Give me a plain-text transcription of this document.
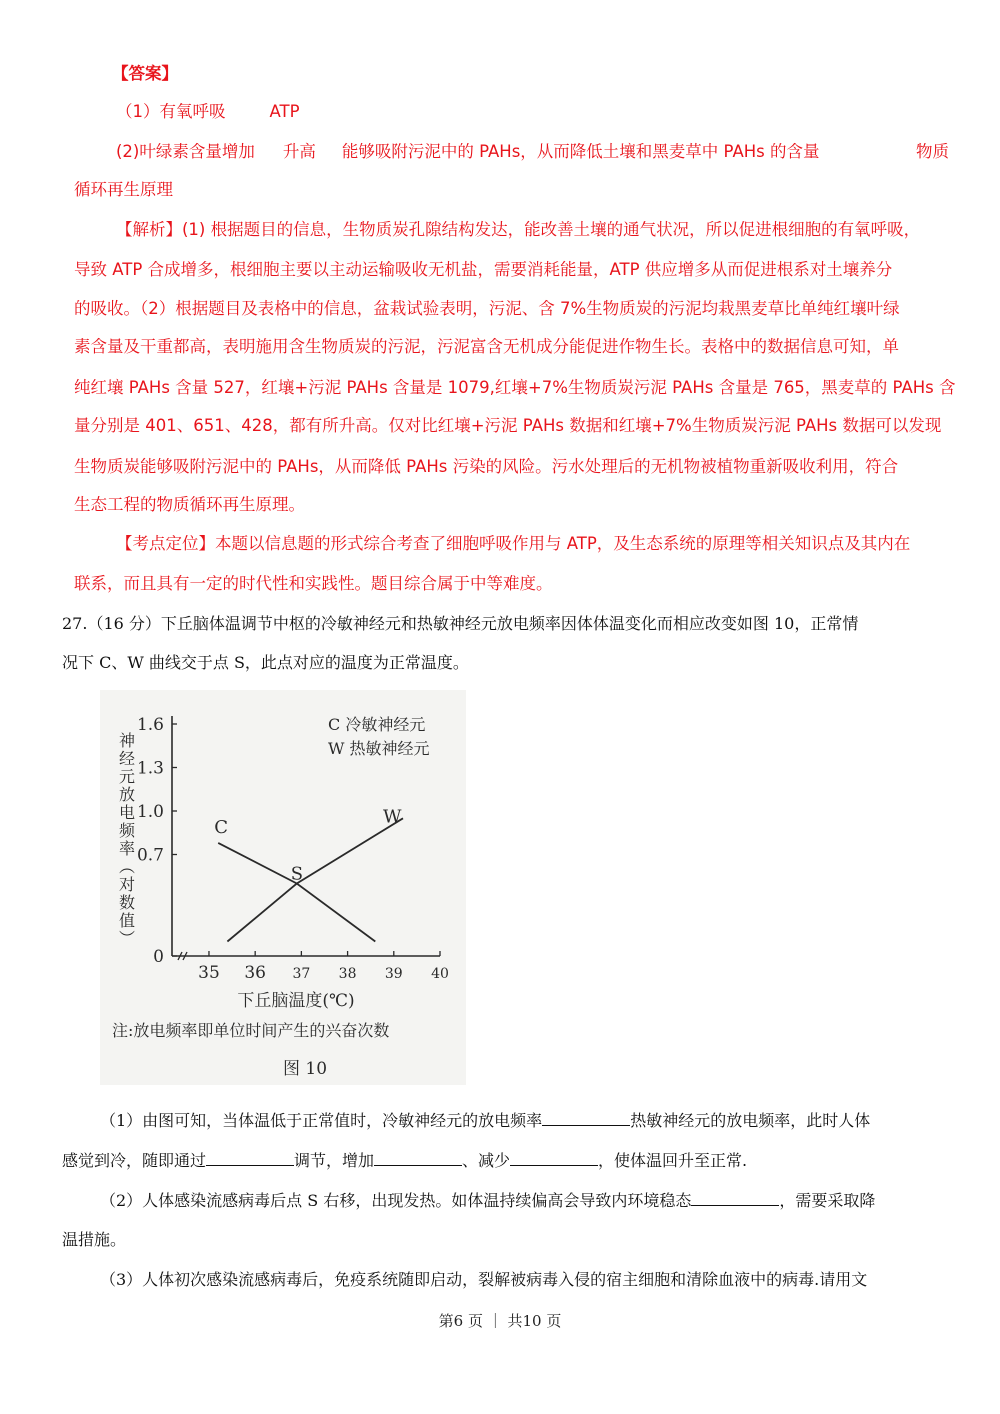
【答案】
（1）有氧呼吸	ATP
(2)叶绿素含量增加 升高 能够吸附污泥中的 PAHs，从而降低土壤和黑麦草中 PAHs 的含量	物质
循环再生原理
【解析】(1) 根据题目的信息，生物质炭孔隙结构发达，能改善土壤的通气状况，所以促进根细胞的有氧呼吸，
导致 ATP 合成增多，根细胞主要以主动运输吸收无机盐，需要消耗能量，ATP 供应增多从而促进根系对土壤养分
的吸收。（2）根据题目及表格中的信息，盆栽试验表明，污泥、含 7%生物质炭的污泥均栽黑麦草比单纯红壤叶绿
素含量及干重都高，表明施用含生物质炭的污泥，污泥富含无机成分能促进作物生长。表格中的数据信息可知，单
纯红壤 PAHs 含量 527，红壤+污泥 PAHs 含量是 1079,红壤+7%生物质炭污泥 PAHs 含量是 765，黑麦草的 PAHs 含
量分别是 401、651、428，都有所升高。仅对比红壤+污泥 PAHs 数据和红壤+7%生物质炭污泥 PAHs 数据可以发现
生物质炭能够吸附污泥中的 PAHs，从而降低 PAHs 污染的风险。污水处理后的无机物被植物重新吸收利用，符合
生态工程的物质循环再生原理。
【考点定位】本题以信息题的形式综合考查了细胞呼吸作用与 ATP，及生态系统的原理等相关知识点及其内在
联系，而且具有一定的时代性和实践性。题目综合属于中等难度。
27.（16 分）下丘脑体温调节中枢的冷敏神经元和热敏神经元放电频率因体体温变化而相应改变如图 10，正常情
况下 C、W 曲线交于点 S，此点对应的温度为正常温度。
0
0.7
1.0
1.3
1.6
35 36 37 38 39 40
C
W
S
神经元放电频率（对数值）
下丘脑温度(℃)
C 冷敏神经元
W 热敏神经元
注:放电频率即单位时间产生的兴奋次数
图 10
（1）由图可知，当体温低于正常值时，冷敏神经元的放电频率	热敏神经元的放电频率，此时人体
感觉到冷，随即通过	调节，增加	、减少	，使体温回升至正常.
（2）人体感染流感病毒后点 S 右移，出现发热。如体温持续偏高会导致内环境稳态	，需要采取降
温措施。
（3）人体初次感染流感病毒后，免疫系统随即启动，裂解被病毒入侵的宿主细胞和清除血液中的病毒.请用文
第6 页 ｜ 共10 页
